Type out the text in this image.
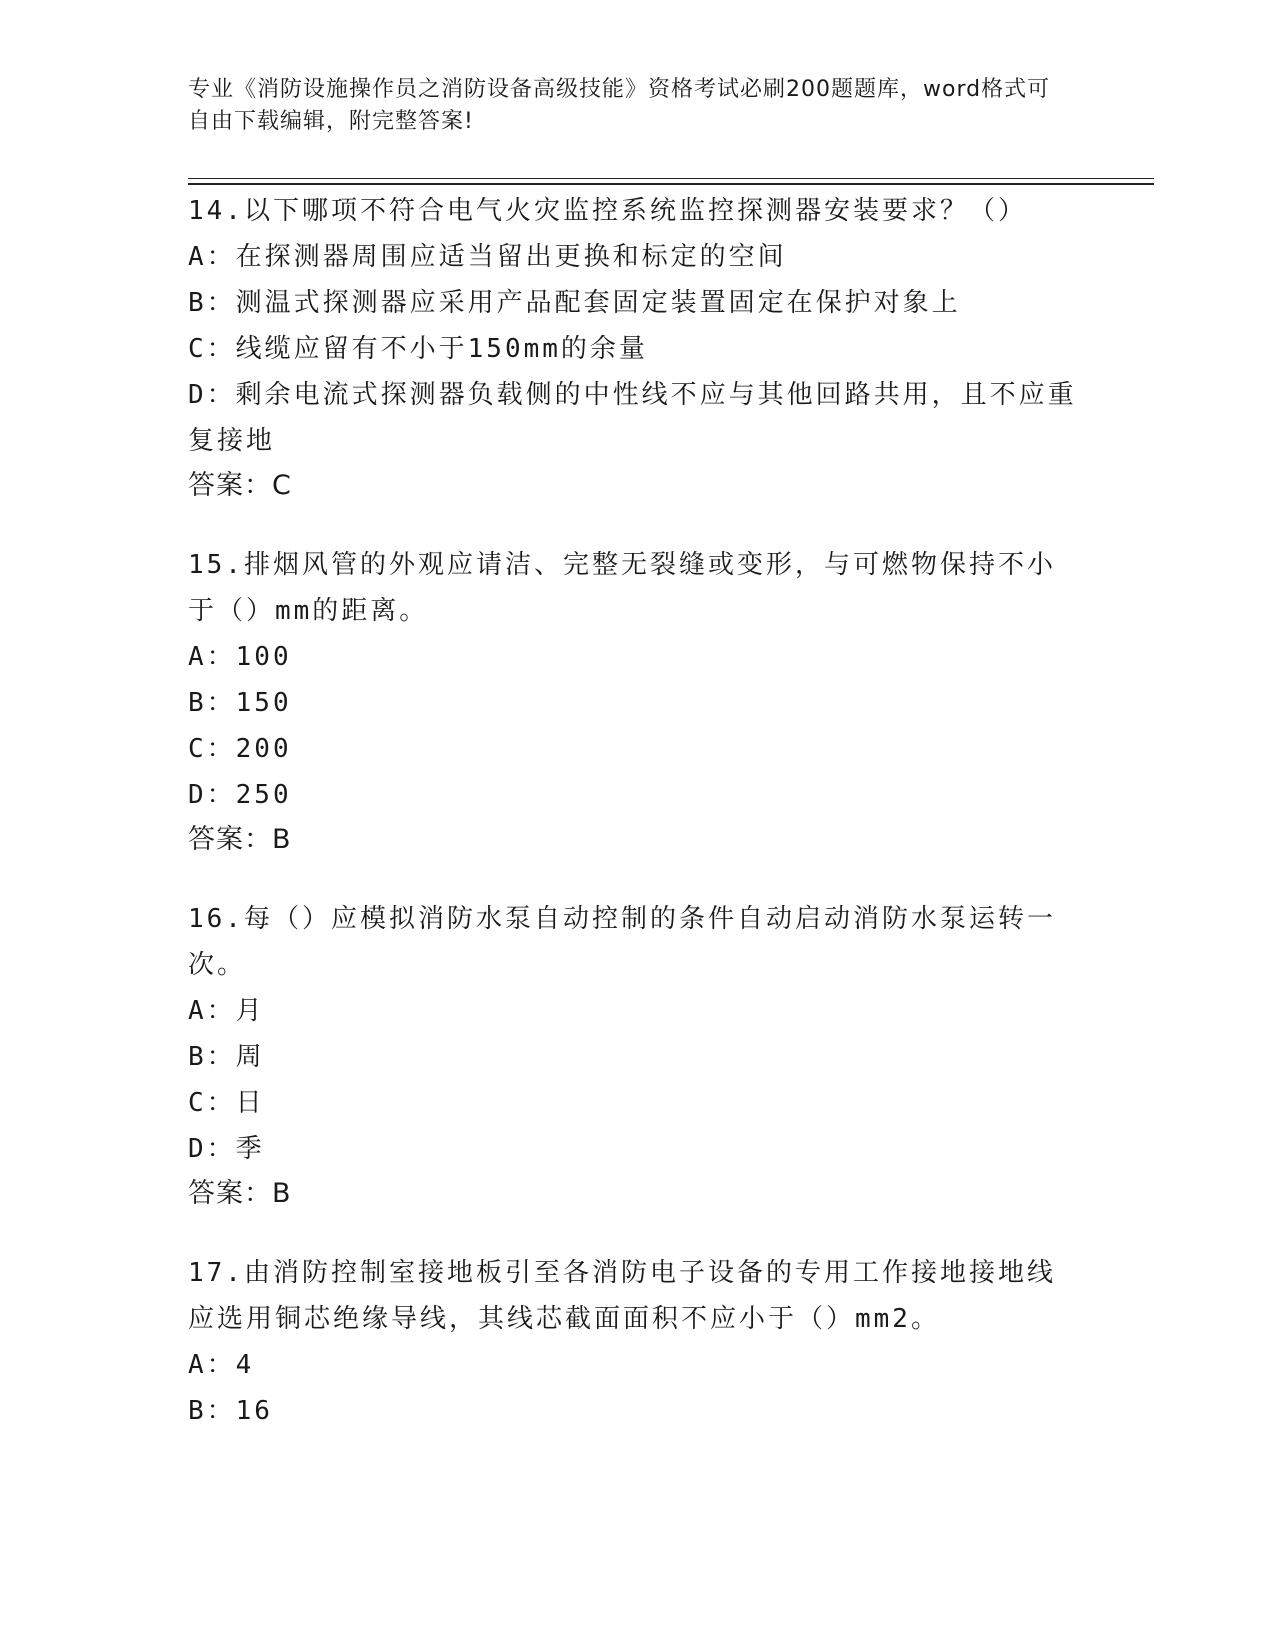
专业《消防设施操作员之消防设备高级技能》资格考试必刷200题题库，word格式可自由下载编辑，附完整答案!
14.以下哪项不符合电气火灾监控系统监控探测器安装要求？（）
A：在探测器周围应适当留出更换和标定的空间
B：测温式探测器应采用产品配套固定装置固定在保护对象上
C：线缆应留有不小于150mm的余量
D：剩余电流式探测器负载侧的中性线不应与其他回路共用，且不应重复接地
答案：C
15.排烟风管的外观应请洁、完整无裂缝或变形，与可燃物保持不小于（）mm的距离。
A：100
B：150
C：200
D：250
答案：B
16.每（）应模拟消防水泵自动控制的条件自动启动消防水泵运转一次。
A：月
B：周
C：日
D：季
答案：B
17.由消防控制室接地板引至各消防电子设备的专用工作接地接地线应选用铜芯绝缘导线，其线芯截面面积不应小于（）mm2。
A：4
B：16
